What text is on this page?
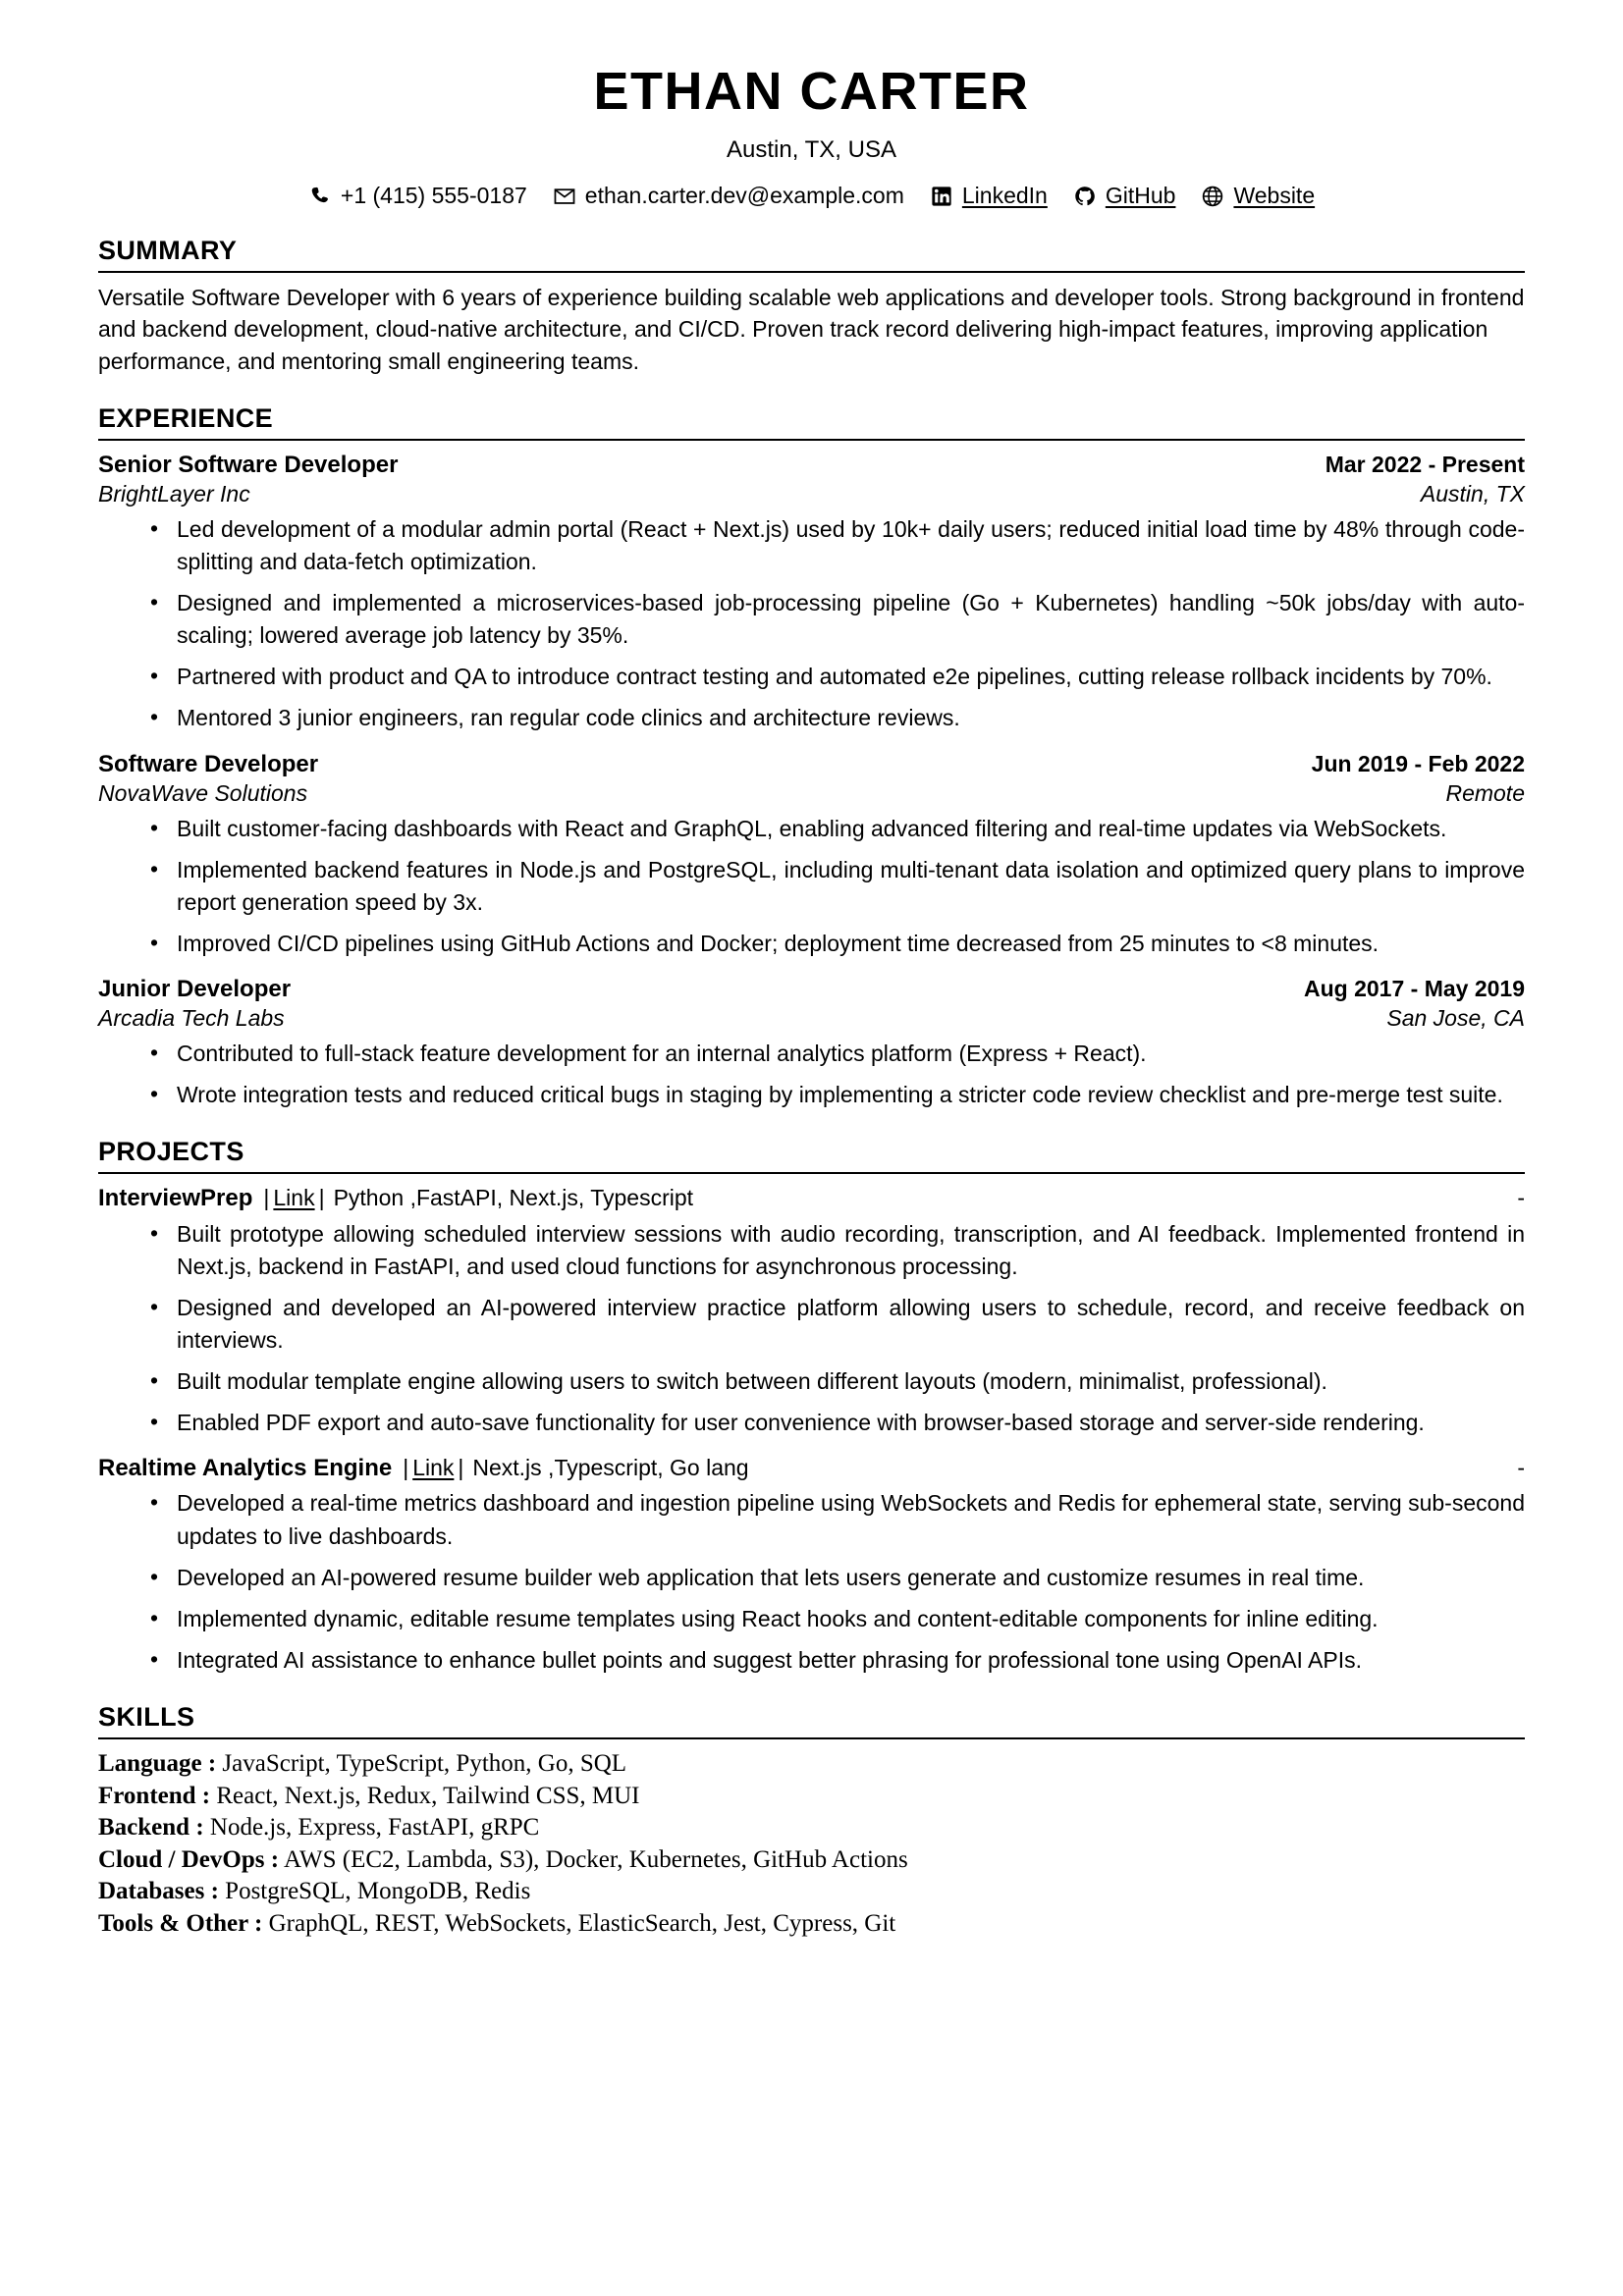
ETHAN CARTER
Austin, TX, USA
+1 (415) 555-0187	ethan.carter.dev@example.com	LinkedIn	GitHub	Website
SUMMARY
Versatile Software Developer with 6 years of experience building scalable web applications and developer tools. Strong background in frontend and backend development, cloud-native architecture, and CI/CD. Proven track record delivering high-impact features, improving application performance, and mentoring small engineering teams.
EXPERIENCE
Senior Software Developer	Mar 2022 - Present
BrightLayer Inc	Austin, TX
• Led development of a modular admin portal (React + Next.js) used by 10k+ daily users; reduced initial load time by 48% through code-splitting and data-fetch optimization.
• Designed and implemented a microservices-based job-processing pipeline (Go + Kubernetes) handling ~50k jobs/day with auto-scaling; lowered average job latency by 35%.
• Partnered with product and QA to introduce contract testing and automated e2e pipelines, cutting release rollback incidents by 70%.
• Mentored 3 junior engineers, ran regular code clinics and architecture reviews.
Software Developer	Jun 2019 - Feb 2022
NovaWave Solutions	Remote
• Built customer-facing dashboards with React and GraphQL, enabling advanced filtering and real-time updates via WebSockets.
• Implemented backend features in Node.js and PostgreSQL, including multi-tenant data isolation and optimized query plans to improve report generation speed by 3x.
• Improved CI/CD pipelines using GitHub Actions and Docker; deployment time decreased from 25 minutes to <8 minutes.
Junior Developer	Aug 2017 - May 2019
Arcadia Tech Labs	San Jose, CA
• Contributed to full-stack feature development for an internal analytics platform (Express + React).
• Wrote integration tests and reduced critical bugs in staging by implementing a stricter code review checklist and pre-merge test suite.
PROJECTS
InterviewPrep | Link | Python ,FastAPI, Next.js, Typescript	-
• Built prototype allowing scheduled interview sessions with audio recording, transcription, and AI feedback. Implemented frontend in Next.js, backend in FastAPI, and used cloud functions for asynchronous processing.
• Designed and developed an AI-powered interview practice platform allowing users to schedule, record, and receive feedback on interviews.
• Built modular template engine allowing users to switch between different layouts (modern, minimalist, professional).
• Enabled PDF export and auto-save functionality for user convenience with browser-based storage and server-side rendering.
Realtime Analytics Engine | Link | Next.js ,Typescript, Go lang	-
• Developed a real-time metrics dashboard and ingestion pipeline using WebSockets and Redis for ephemeral state, serving sub-second updates to live dashboards.
• Developed an AI-powered resume builder web application that lets users generate and customize resumes in real time.
• Implemented dynamic, editable resume templates using React hooks and content-editable components for inline editing.
• Integrated AI assistance to enhance bullet points and suggest better phrasing for professional tone using OpenAI APIs.
SKILLS
Language : JavaScript, TypeScript, Python, Go, SQL
Frontend : React, Next.js, Redux, Tailwind CSS, MUI
Backend : Node.js, Express, FastAPI, gRPC
Cloud / DevOps : AWS (EC2, Lambda, S3), Docker, Kubernetes, GitHub Actions
Databases : PostgreSQL, MongoDB, Redis
Tools & Other : GraphQL, REST, WebSockets, ElasticSearch, Jest, Cypress, Git
